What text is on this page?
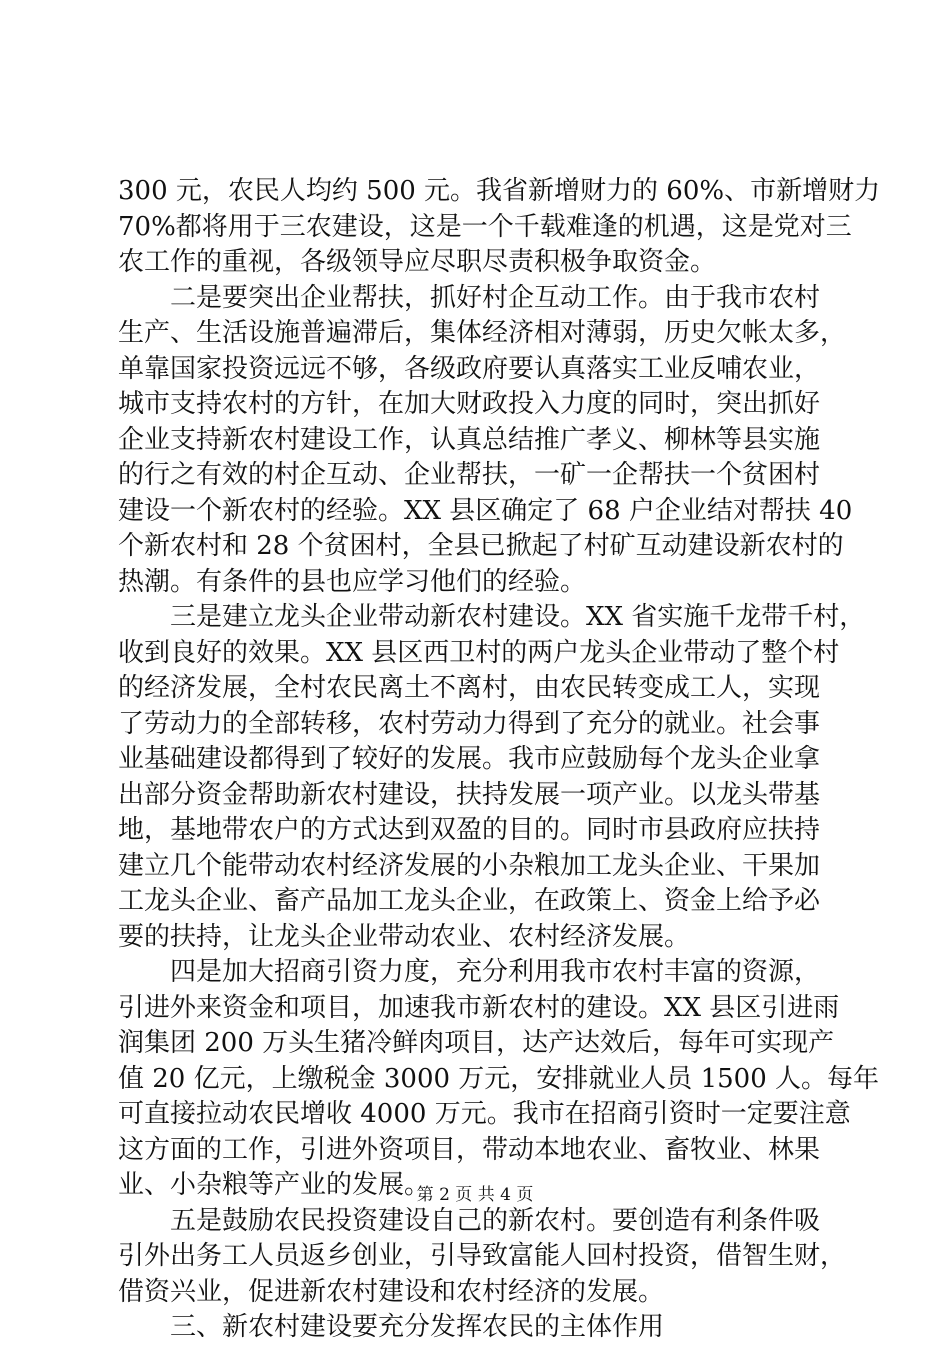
300 元，农民人均约 500 元。我省新增财力的 60%、市新增财力
70%都将用于三农建设，这是一个千载难逢的机遇，这是党对三
农工作的重视，各级领导应尽职尽责积极争取资金。
　　二是要突出企业帮扶，抓好村企互动工作。由于我市农村
生产、生活设施普遍滞后，集体经济相对薄弱，历史欠帐太多，
单靠国家投资远远不够，各级政府要认真落实工业反哺农业，
城市支持农村的方针，在加大财政投入力度的同时，突出抓好
企业支持新农村建设工作，认真总结推广孝义、柳林等县实施
的行之有效的村企互动、企业帮扶，一矿一企帮扶一个贫困村
建设一个新农村的经验。XX 县区确定了 68 户企业结对帮扶 40
个新农村和 28 个贫困村，全县已掀起了村矿互动建设新农村的
热潮。有条件的县也应学习他们的经验。
　　三是建立龙头企业带动新农村建设。XX 省实施千龙带千村，
收到良好的效果。XX 县区西卫村的两户龙头企业带动了整个村
的经济发展，全村农民离土不离村，由农民转变成工人，实现
了劳动力的全部转移，农村劳动力得到了充分的就业。社会事
业基础建设都得到了较好的发展。我市应鼓励每个龙头企业拿
出部分资金帮助新农村建设，扶持发展一项产业。以龙头带基
地，基地带农户的方式达到双盈的目的。同时市县政府应扶持
建立几个能带动农村经济发展的小杂粮加工龙头企业、干果加
工龙头企业、畜产品加工龙头企业，在政策上、资金上给予必
要的扶持，让龙头企业带动农业、农村经济发展。
　　四是加大招商引资力度，充分利用我市农村丰富的资源，
引进外来资金和项目，加速我市新农村的建设。XX 县区引进雨
润集团 200 万头生猪冷鲜肉项目，达产达效后，每年可实现产
值 20 亿元，上缴税金 3000 万元，安排就业人员 1500 人。每年
可直接拉动农民增收 4000 万元。我市在招商引资时一定要注意
这方面的工作，引进外资项目，带动本地农业、畜牧业、林果
业、小杂粮等产业的发展。
　　五是鼓励农民投资建设自己的新农村。要创造有利条件吸
引外出务工人员返乡创业，引导致富能人回村投资，借智生财，
借资兴业，促进新农村建设和农村经济的发展。
　　三、新农村建设要充分发挥农民的主体作用
第 2 页 共 4 页
